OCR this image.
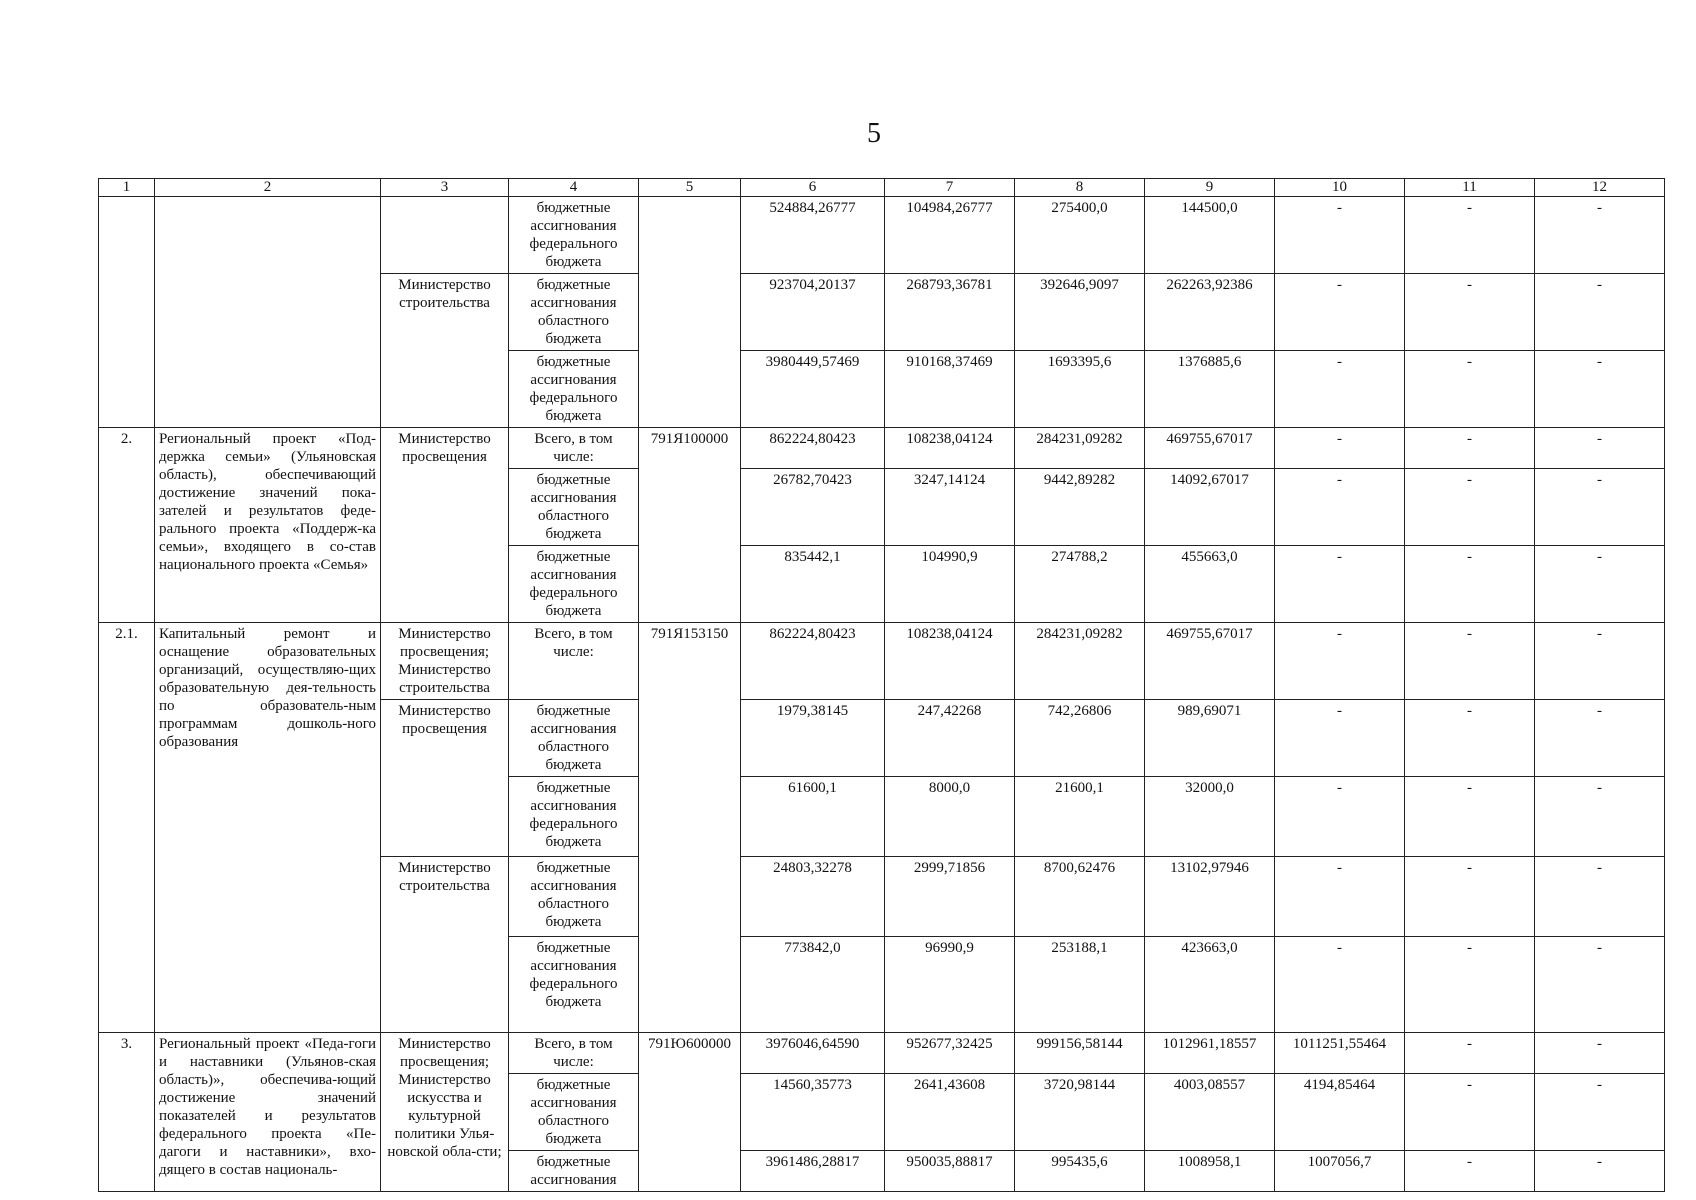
5
1	2	3	4	5	6	7	8	9	10	11	12
			бюджетные ассигнования федерального бюджета		524884,26777	104984,26777	275400,0	144500,0	-	-	-
		Министерство строительства	бюджетные ассигнования областного бюджета		923704,20137	268793,36781	392646,9097	262263,92386	-	-	-
			бюджетные ассигнования федерального бюджета		3980449,57469	910168,37469	1693395,6	1376885,6	-	-	-
2.	Региональный проект «Под-держка семьи» (Ульяновская область), обеспечивающий достижение значений пока-зателей и результатов феде-рального проекта «Поддерж-ка семьи», входящего в со-став национального проекта «Семья»	Министерство просвещения	Всего, в том числе:	791Я100000	862224,80423	108238,04124	284231,09282	469755,67017	-	-	-
			бюджетные ассигнования областного бюджета		26782,70423	3247,14124	9442,89282	14092,67017	-	-	-
			бюджетные ассигнования федерального бюджета		835442,1	104990,9	274788,2	455663,0	-	-	-
2.1.	Капитальный ремонт и оснащение образовательных организаций, осуществляю-щих образовательную дея-тельность по образователь-ным программам дошколь-ного образования	Министерство просвещения; Министерство строительства	Всего, в том числе:	791Я153150	862224,80423	108238,04124	284231,09282	469755,67017	-	-	-
		Министерство просвещения	бюджетные ассигнования областного бюджета		1979,38145	247,42268	742,26806	989,69071	-	-	-
			бюджетные ассигнования федерального бюджета		61600,1	8000,0	21600,1	32000,0	-	-	-
		Министерство строительства	бюджетные ассигнования областного бюджета		24803,32278	2999,71856	8700,62476	13102,97946	-	-	-
			бюджетные ассигнования федерального бюджета		773842,0	96990,9	253188,1	423663,0	-	-	-
3.	Региональный проект «Педа-гоги и наставники (Ульянов-ская область)», обеспечива-ющий достижение значений показателей и результатов федерального проекта «Пе-дагоги и наставники», вхо-дящего в состав националь-	Министерство просвещения; Министерство искусства и культурной политики Улья-новской обла-сти;	Всего, в том числе:	791Ю600000	3976046,64590	952677,32425	999156,58144	1012961,18557	1011251,55464	-	-
			бюджетные ассигнования областного бюджета		14560,35773	2641,43608	3720,98144	4003,08557	4194,85464	-	-
			бюджетные ассигнования		3961486,28817	950035,88817	995435,6	1008958,1	1007056,7	-	-
